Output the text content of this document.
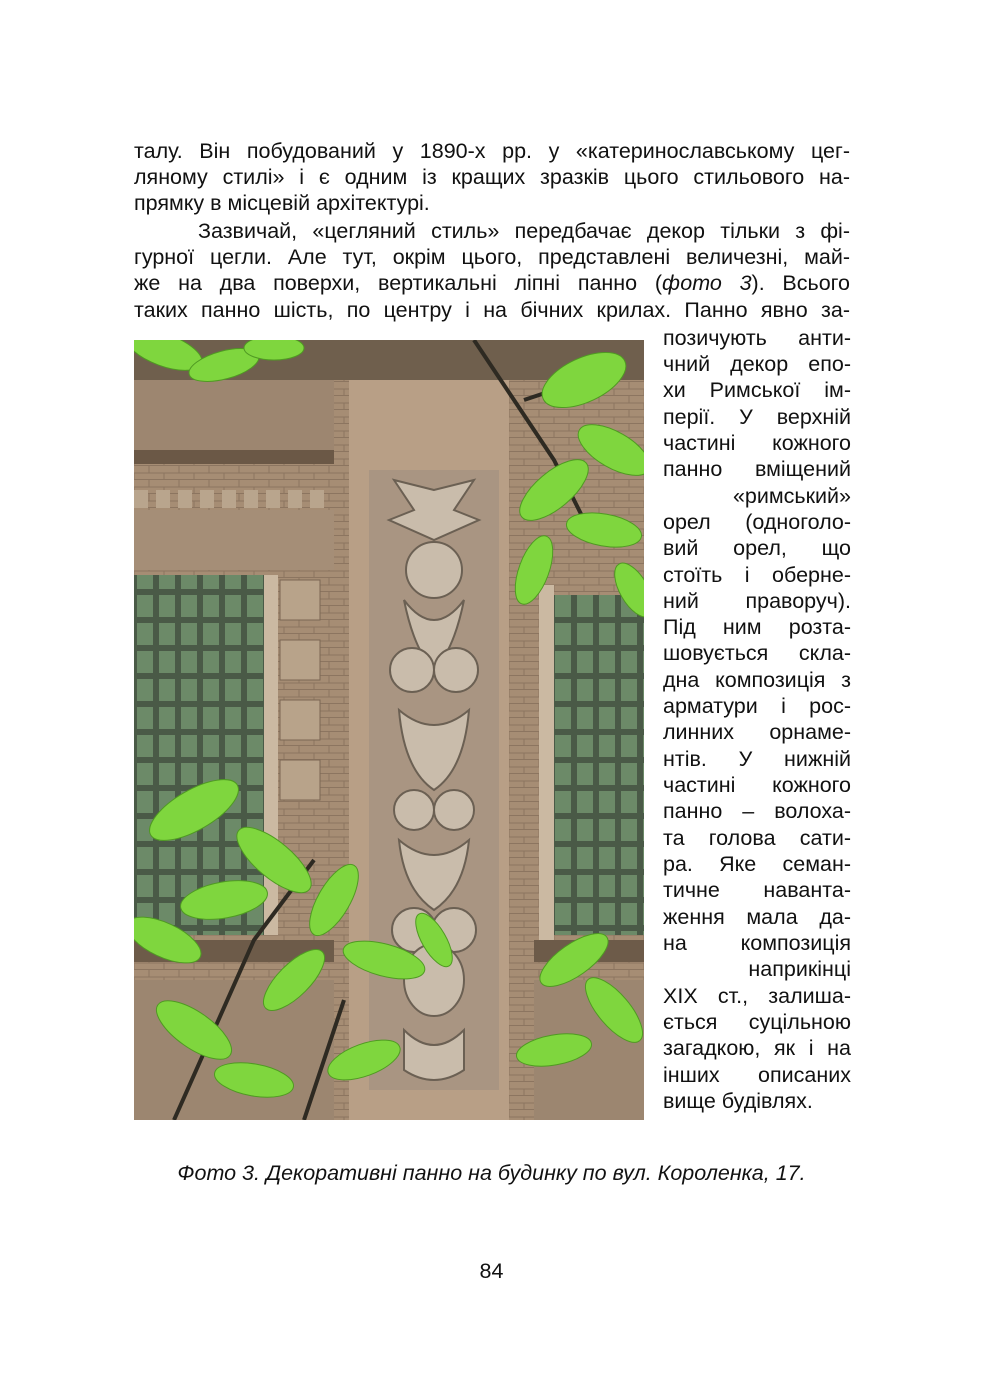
талу. Він побудований у 1890-х рр. у «катеринославському цег-
ляному стилі» і є одним із кращих зразків цього стильового на-
прямку в місцевій архітектурі.
Зазвичай, «цегляний стиль» передбачає декор тільки з фі-
гурної цегли. Але тут, окрім цього, представлені величезні, май-
же на два поверхи, вертикальні ліпні панно (фото 3). Всього
таких панно шість, по центру і на бічних крилах. Панно явно за-
позичують анти-
чний декор епо-
хи Римської ім-
перії. У верхній
частині кожного
панно вміщений
«римський»
орел (одноголо-
вий орел, що
стоїть і оберне-
ний праворуч).
Під ним розта-
шовується скла-
дна композиція з
арматури і рос-
линних орнаме-
нтів. У нижній
частині кожного
панно – волоха-
та голова сати-
ра. Яке семан-
тичне наванта-
ження мала да-
на композиція
наприкінці
XIX ст., залиша-
ється суцільною
загадкою, як і на
інших описаних
вище будівлях.
Фото 3. Декоративні панно на будинку по вул. Короленка, 17.
84
